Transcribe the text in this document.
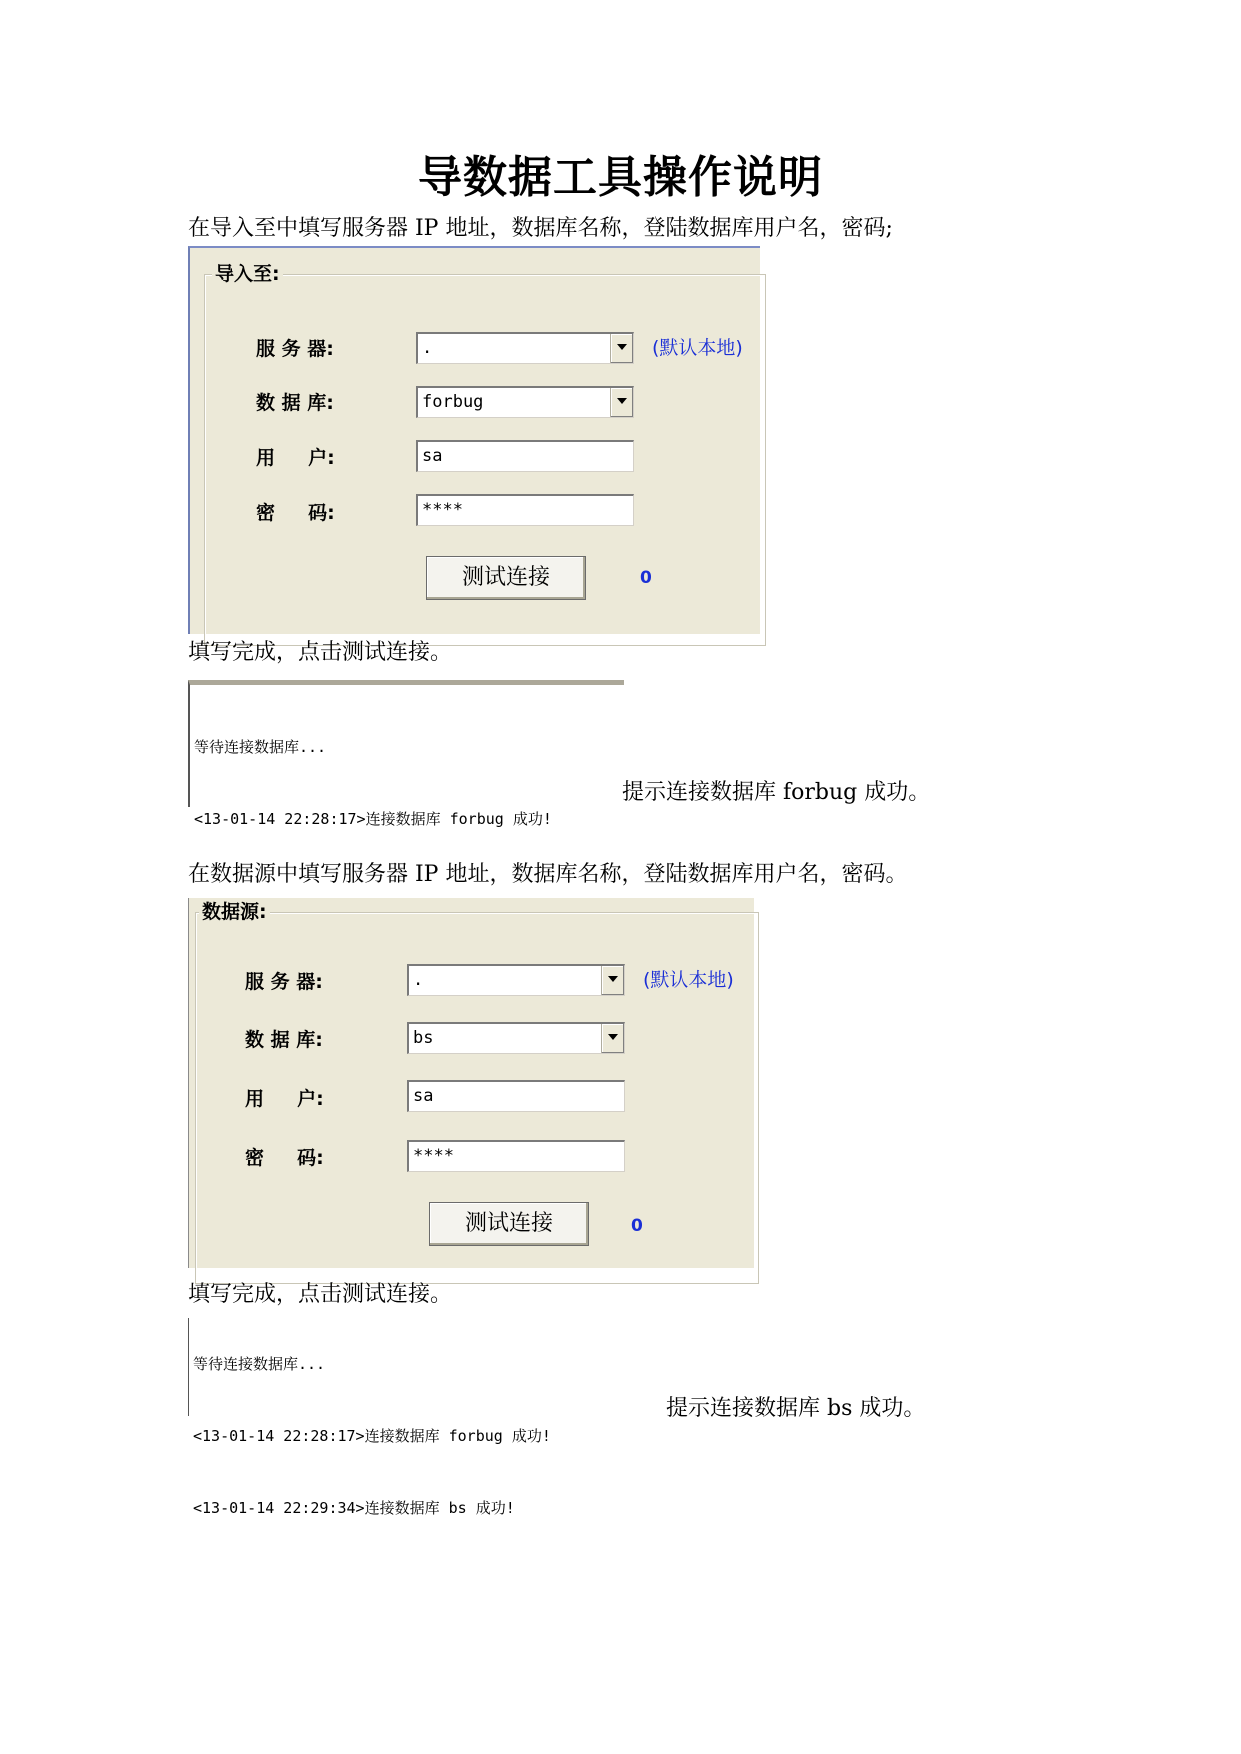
导数据工具操作说明
在导入至中填写服务器 IP 地址，数据库名称，登陆数据库用户名，密码;
导入至:
服 务 器:	.	(默认本地)
数 据 库:	forbug
用     户:	sa
密     码:	****
测试连接	0
填写完成，点击测试连接。

等待连接数据库...

<13-01-14 22:28:17>连接数据库 forbug 成功!

提示连接数据库 forbug 成功。
在数据源中填写服务器 IP 地址，数据库名称，登陆数据库用户名，密码。
数据源:
服 务 器:	.	(默认本地)
数 据 库:	bs
用     户:	sa
密     码:	****
测试连接	0
填写完成，点击测试连接。

等待连接数据库...

<13-01-14 22:28:17>连接数据库 forbug 成功!

<13-01-14 22:29:34>连接数据库 bs 成功!

提示连接数据库 bs 成功。
